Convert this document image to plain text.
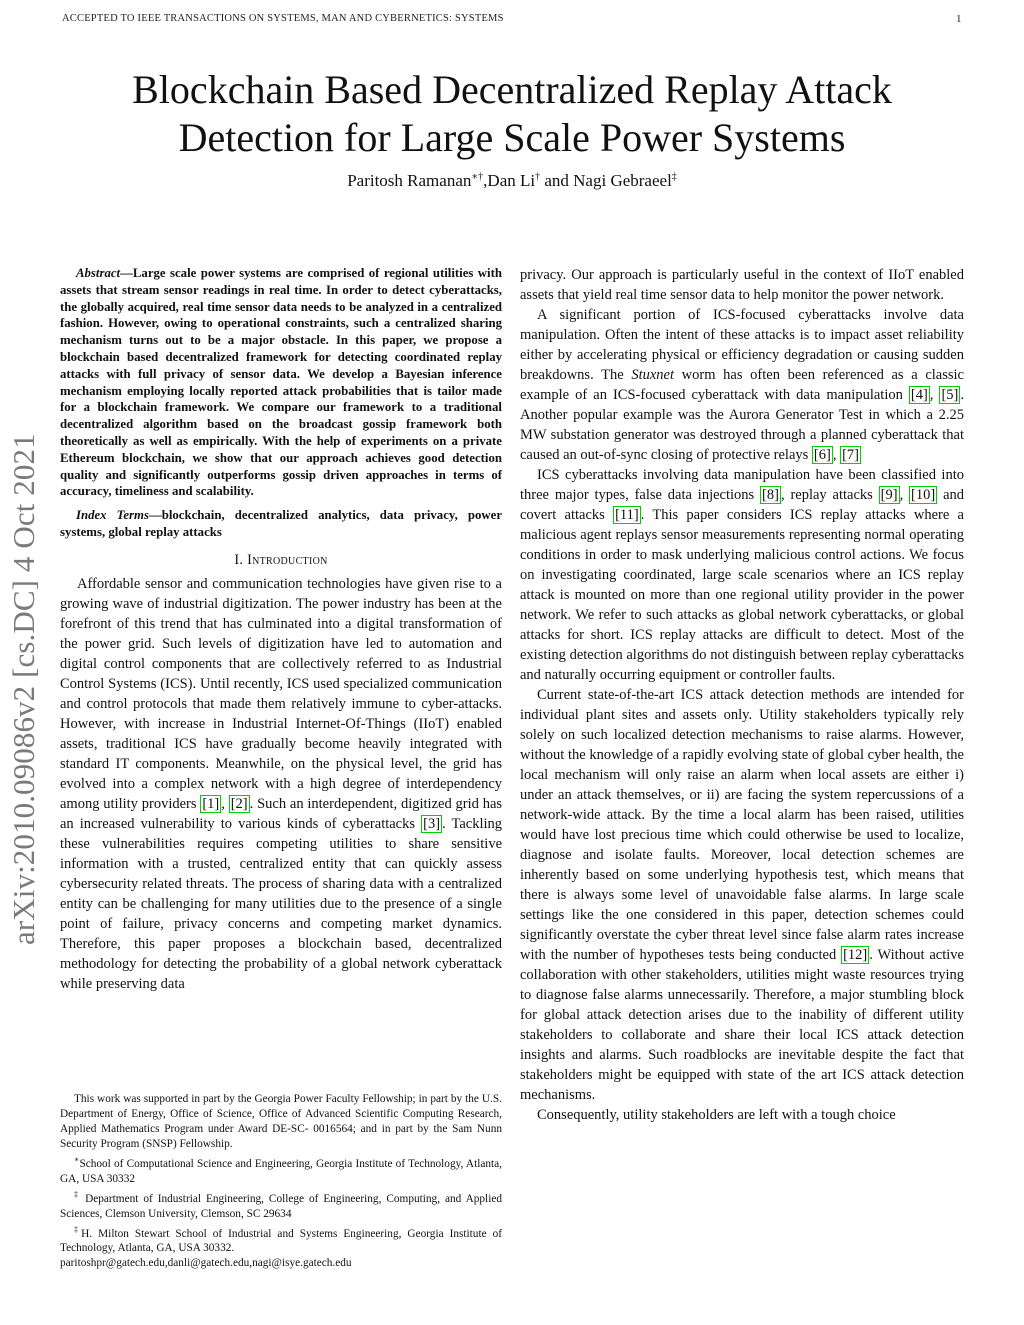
ACCEPTED TO IEEE TRANSACTIONS ON SYSTEMS, MAN AND CYBERNETICS: SYSTEMS	1
Blockchain Based Decentralized Replay Attack
Detection for Large Scale Power Systems
Paritosh Ramanan∗†,Dan Li† and Nagi Gebraeel‡
arXiv:2010.09086v2 [cs.DC] 4 Oct 2021

Abstract—Large scale power systems are comprised of regional utilities with assets that stream sensor readings in real time. In order to detect cyberattacks, the globally acquired, real time sensor data needs to be analyzed in a centralized fashion. However, owing to operational constraints, such a centralized sharing mechanism turns out to be a major obstacle. In this paper, we propose a blockchain based decentralized framework for detecting coordinated replay attacks with full privacy of sensor data. We develop a Bayesian inference mechanism employing locally reported attack probabilities that is tailor made for a blockchain framework. We compare our framework to a traditional decentralized algorithm based on the broadcast gossip framework both theoretically as well as empirically. With the help of experiments on a private Ethereum blockchain, we show that our approach achieves good detection quality and significantly outperforms gossip driven approaches in terms of accuracy, timeliness and scalability.

Index Terms—blockchain, decentralized analytics, data privacy, power systems, global replay attacks

I. Introduction

Affordable sensor and communication technologies have given rise to a growing wave of industrial digitization. The power industry has been at the forefront of this trend that has culminated into a digital transformation of the power grid. Such levels of digitization have led to automation and digital control components that are collectively referred to as Industrial Control Systems (ICS). Until recently, ICS used specialized communication and control protocols that made them relatively immune to cyber-attacks. However, with increase in Industrial Internet-Of-Things (IIoT) enabled assets, traditional ICS have gradually become heavily integrated with standard IT components. Meanwhile, on the physical level, the grid has evolved into a complex network with a high degree of interdependency among utility providers [1] , [2] . Such an interdependent, digitized grid has an increased vulnerability to various kinds of cyberattacks [3] . Tackling these vulnerabilities requires competing utilities to share sensitive information with a trusted, centralized entity that can quickly assess cybersecurity related threats. The process of sharing data with a centralized entity can be challenging for many utilities due to the presence of a single point of failure, privacy concerns and competing market dynamics. Therefore, this paper proposes a blockchain based, decentralized methodology for detecting the probability of a global network cyberattack while preserving data

This work was supported in part by the Georgia Power Faculty Fellowship; in part by the U.S. Department of Energy, Office of Science, Office of Advanced Scientific Computing Research, Applied Mathematics Program under Award DE-SC- 0016564; and in part by the Sam Nunn Security Program (SNSP) Fellowship.

∗School of Computational Science and Engineering, Georgia Institute of Technology, Atlanta, GA, USA 30332

‡ Department of Industrial Engineering, College of Engineering, Computing, and Applied Sciences, Clemson University, Clemson, SC 29634

‡H. Milton Stewart School of Industrial and Systems Engineering, Georgia Institute of Technology, Atlanta, GA, USA 30332.

paritoshpr@gatech.edu,danli@gatech.edu,nagi@isye.gatech.edu

privacy. Our approach is particularly useful in the context of IIoT enabled assets that yield real time sensor data to help monitor the power network.

A significant portion of ICS-focused cyberattacks involve data manipulation. Often the intent of these attacks is to impact asset reliability either by accelerating physical or efficiency degradation or causing sudden breakdowns. The Stuxnet worm has often been referenced as a classic example of an ICS-focused cyberattack with data manipulation [4] , [5] . Another popular example was the Aurora Generator Test in which a 2.25 MW substation generator was destroyed through a planned cyberattack that caused an out-of-sync closing of protective relays [6] , [7]

ICS cyberattacks involving data manipulation have been classified into three major types, false data injections [8] , replay attacks [9] , [10] and covert attacks [11] . This paper considers ICS replay attacks where a malicious agent replays sensor measurements representing normal operating conditions in order to mask underlying malicious control actions. We focus on investigating coordinated, large scale scenarios where an ICS replay attack is mounted on more than one regional utility provider in the power network. We refer to such attacks as global network cyberattacks, or global attacks for short. ICS replay attacks are difficult to detect. Most of the existing detection algorithms do not distinguish between replay cyberattacks and naturally occurring equipment or controller faults.

Current state-of-the-art ICS attack detection methods are intended for individual plant sites and assets only. Utility stakeholders typically rely solely on such localized detection mechanisms to raise alarms. However, without the knowledge of a rapidly evolving state of global cyber health, the local mechanism will only raise an alarm when local assets are either i) under an attack themselves, or ii) are facing the system repercussions of a network-wide attack. By the time a local alarm has been raised, utilities would have lost precious time which could otherwise be used to localize, diagnose and isolate faults. Moreover, local detection schemes are inherently based on some underlying hypothesis test, which means that there is always some level of unavoidable false alarms. In large scale settings like the one considered in this paper, detection schemes could significantly overstate the cyber threat level since false alarm rates increase with the number of hypotheses tests being conducted [12] . Without active collaboration with other stakeholders, utilities might waste resources trying to diagnose false alarms unnecessarily. Therefore, a major stumbling block for global attack detection arises due to the inability of different utility stakeholders to collaborate and share their local ICS attack detection insights and alarms. Such roadblocks are inevitable despite the fact that stakeholders might be equipped with state of the art ICS attack detection mechanisms.

Consequently, utility stakeholders are left with a tough choice
